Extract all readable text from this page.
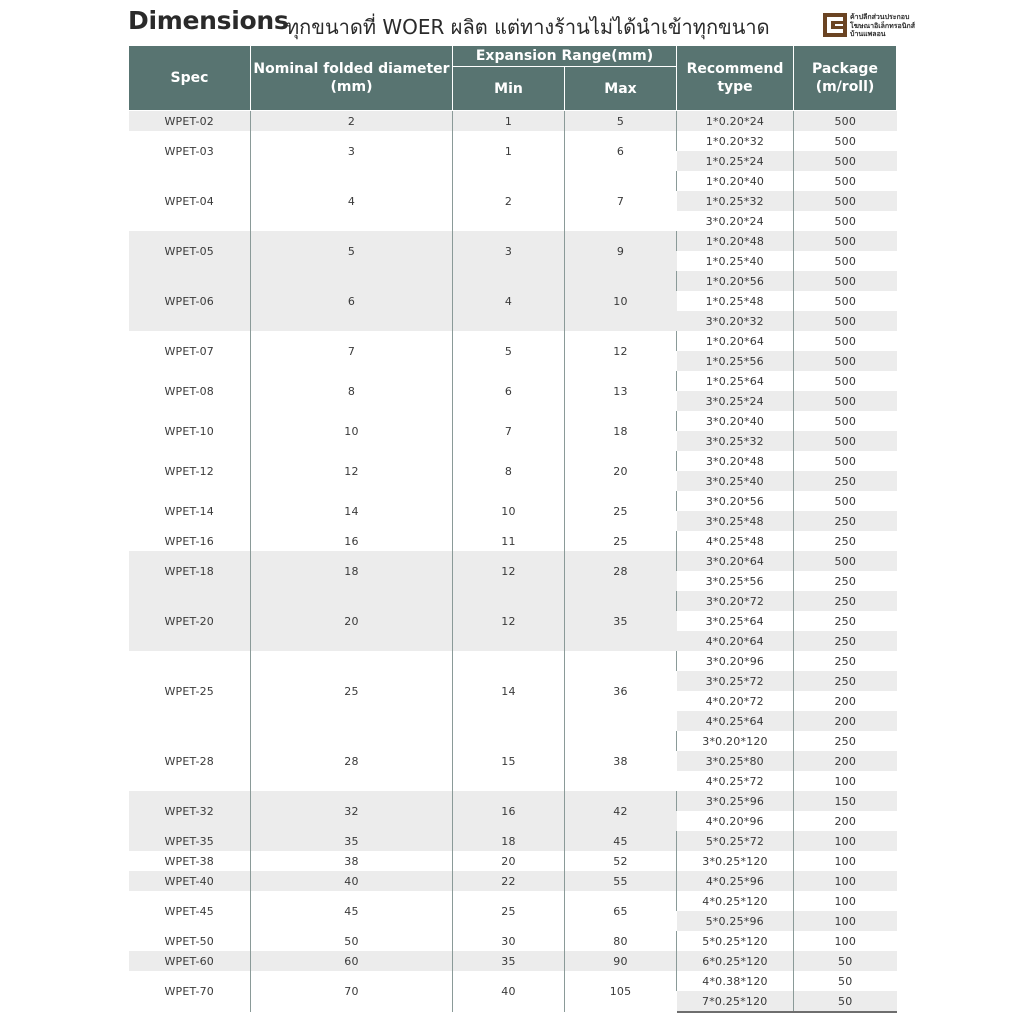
Dimensions
ทุกขนาดที่ WOER ผลิต แต่ทางร้านไม่ได้นำเข้าทุกขนาด	ค้าปลีกส่วนประกอบ
โฆษณาอิเล็กทรอนิกส์
บ้านแพลอน
Spec	Nominal folded diameter (mm)	Expansion Range(mm)		Recommend type	Package (m/roll)
		Min	Max		
WPET-02	2	1	5	1*0.20*24	500
WPET-03	3	1	6	1*0.20*32	500
				1*0.25*24	500
WPET-04	4	2	7	1*0.20*40	500
				1*0.25*32	500
				3*0.20*24	500
WPET-05	5	3	9	1*0.20*48	500
				1*0.25*40	500
WPET-06	6	4	10	1*0.20*56	500
				1*0.25*48	500
				3*0.20*32	500
WPET-07	7	5	12	1*0.20*64	500
				1*0.25*56	500
WPET-08	8	6	13	1*0.25*64	500
				3*0.25*24	500
WPET-10	10	7	18	3*0.20*40	500
				3*0.25*32	500
WPET-12	12	8	20	3*0.20*48	500
				3*0.25*40	250
WPET-14	14	10	25	3*0.20*56	500
				3*0.25*48	250
WPET-16	16	11	25	4*0.25*48	250
WPET-18	18	12	28	3*0.20*64	500
				3*0.25*56	250
WPET-20	20	12	35	3*0.20*72	250
				3*0.25*64	250
				4*0.20*64	250
WPET-25	25	14	36	3*0.20*96	250
				3*0.25*72	250
				4*0.20*72	200
				4*0.25*64	200
WPET-28	28	15	38	3*0.20*120	250
				3*0.25*80	200
				4*0.25*72	100
WPET-32	32	16	42	3*0.25*96	150
				4*0.20*96	200
WPET-35	35	18	45	5*0.25*72	100
WPET-38	38	20	52	3*0.25*120	100
WPET-40	40	22	55	4*0.25*96	100
WPET-45	45	25	65	4*0.25*120	100
				5*0.25*96	100
WPET-50	50	30	80	5*0.25*120	100
WPET-60	60	35	90	6*0.25*120	50
WPET-70	70	40	105	4*0.38*120	50
				7*0.25*120	50
